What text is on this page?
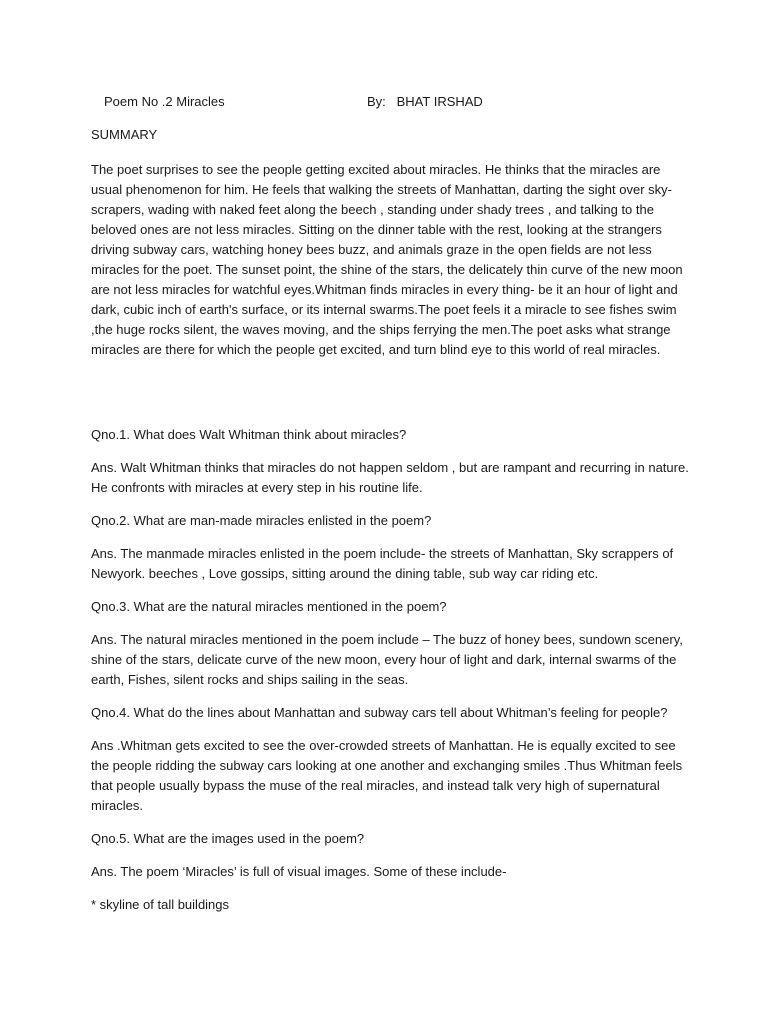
Poem No .2 Miracles	By:   BHAT IRSHAD
SUMMARY
The poet surprises to see the people getting excited about miracles. He thinks that the miracles are usual phenomenon for him. He feels that walking the streets of Manhattan, darting the sight over sky-scrapers, wading with naked feet along the beech , standing under shady trees , and talking to the beloved ones are not less miracles. Sitting on the dinner table with the rest, looking at the strangers driving subway cars, watching honey bees buzz, and animals graze in the open fields are not less miracles for the poet. The sunset point, the shine of the stars, the delicately thin curve of the new moon are not less miracles for watchful eyes.Whitman finds miracles in every thing- be it an hour of light and dark, cubic inch of earth's surface, or its internal swarms.The poet feels it a miracle to see fishes swim ,the huge rocks silent, the waves moving, and the ships ferrying the men.The poet asks what strange miracles are there for which the people get excited, and turn blind eye to this world of real miracles.
Qno.1. What does Walt Whitman think about miracles?
Ans. Walt Whitman thinks that miracles do not happen seldom , but are rampant and recurring in nature. He confronts with miracles at every step in his routine life.
Qno.2. What are man-made miracles enlisted in the poem?
Ans. The manmade miracles enlisted in the poem include- the streets of Manhattan, Sky scrappers of Newyork. beeches , Love gossips, sitting around the dining table, sub way car riding etc.
Qno.3. What are the natural miracles mentioned in the poem?
Ans. The natural miracles mentioned in the poem include – The buzz of honey bees, sundown scenery, shine of the stars, delicate curve of the new moon, every hour of light and dark, internal swarms of the earth, Fishes, silent rocks and ships sailing in the seas.
Qno.4. What do the lines about Manhattan and subway cars tell about Whitman’s feeling for people?
Ans .Whitman gets excited to see the over-crowded streets of Manhattan. He is equally excited to see the people ridding the subway cars looking at one another and exchanging smiles .Thus Whitman feels that people usually bypass the muse of the real miracles, and instead talk very high of supernatural miracles.
Qno.5. What are the images used in the poem?
Ans. The poem ‘Miracles’ is full of visual images. Some of these include-
* skyline of tall buildings
